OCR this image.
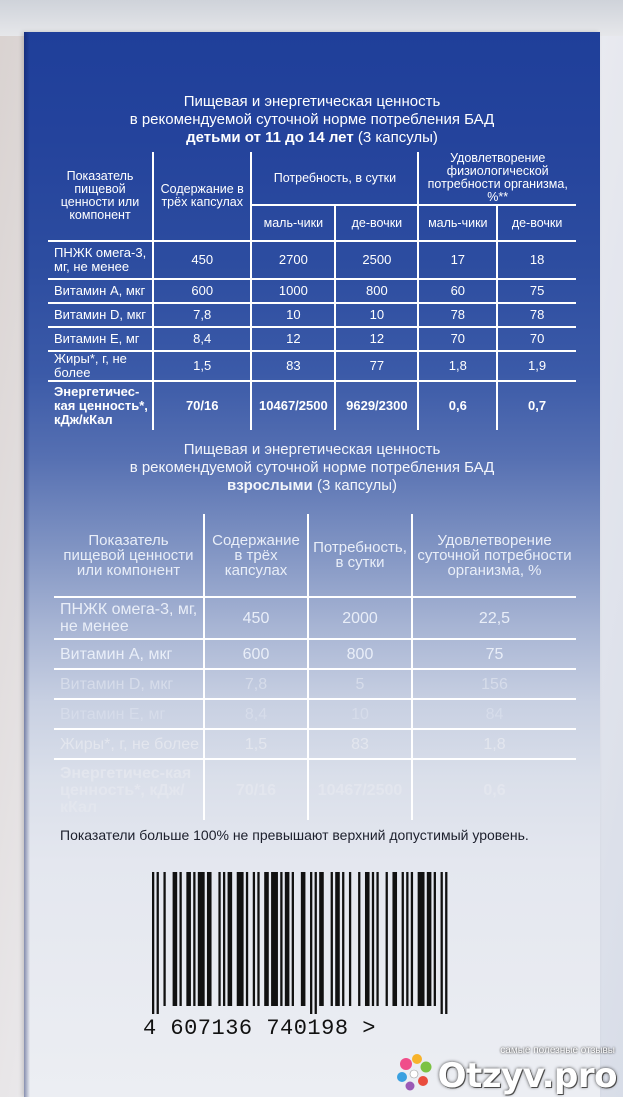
Пищевая и энергетическая ценность
в рекомендуемой суточной норме потребления БАД
детьми от 11 до 14 лет (3 капсулы)
Показатель пищевой ценности или компонент	Содержание в трёх капсулах	Потребность, в сутки		Удовлетворение физиологической потребности организма, %**	
		маль-чики	де-вочки	маль-чики	де-вочки
ПНЖК омега-3, мг, не менее	450	2700	2500	17	18
Витамин А, мкг	600	1000	800	60	75
Витамин D, мкг	7,8	10	10	78	78
Витамин Е, мг	8,4	12	12	70	70
Жиры*, г, не более	1,5	83	77	1,8	1,9
Энергетичес-кая ценность*, кДж/кКал	70/16	10467/2500	9629/2300	0,6	0,7
Пищевая и энергетическая ценность
в рекомендуемой суточной норме потребления БАД
взрослыми (3 капсулы)
Показатель пищевой ценности или компонент	Содержание в трёх капсулах	Потребность, в сутки	Удовлетворение суточной потребности организма, %
ПНЖК омега-3, мг, не менее	450	2000	22,5
Витамин А, мкг	600	800	75
Витамин D, мкг	7,8	5	156
Витамин Е, мг	8,4	10	84
Жиры*, г, не более	1,5	83	1,8
Энергетичес-кая ценность*, кДж/кКал	70/16	10467/2500	0,6
Показатели больше 100% не превышают верхний допустимый уровень.
4 607136 740198 >
самые полезные отзывы
Otzyv.pro
